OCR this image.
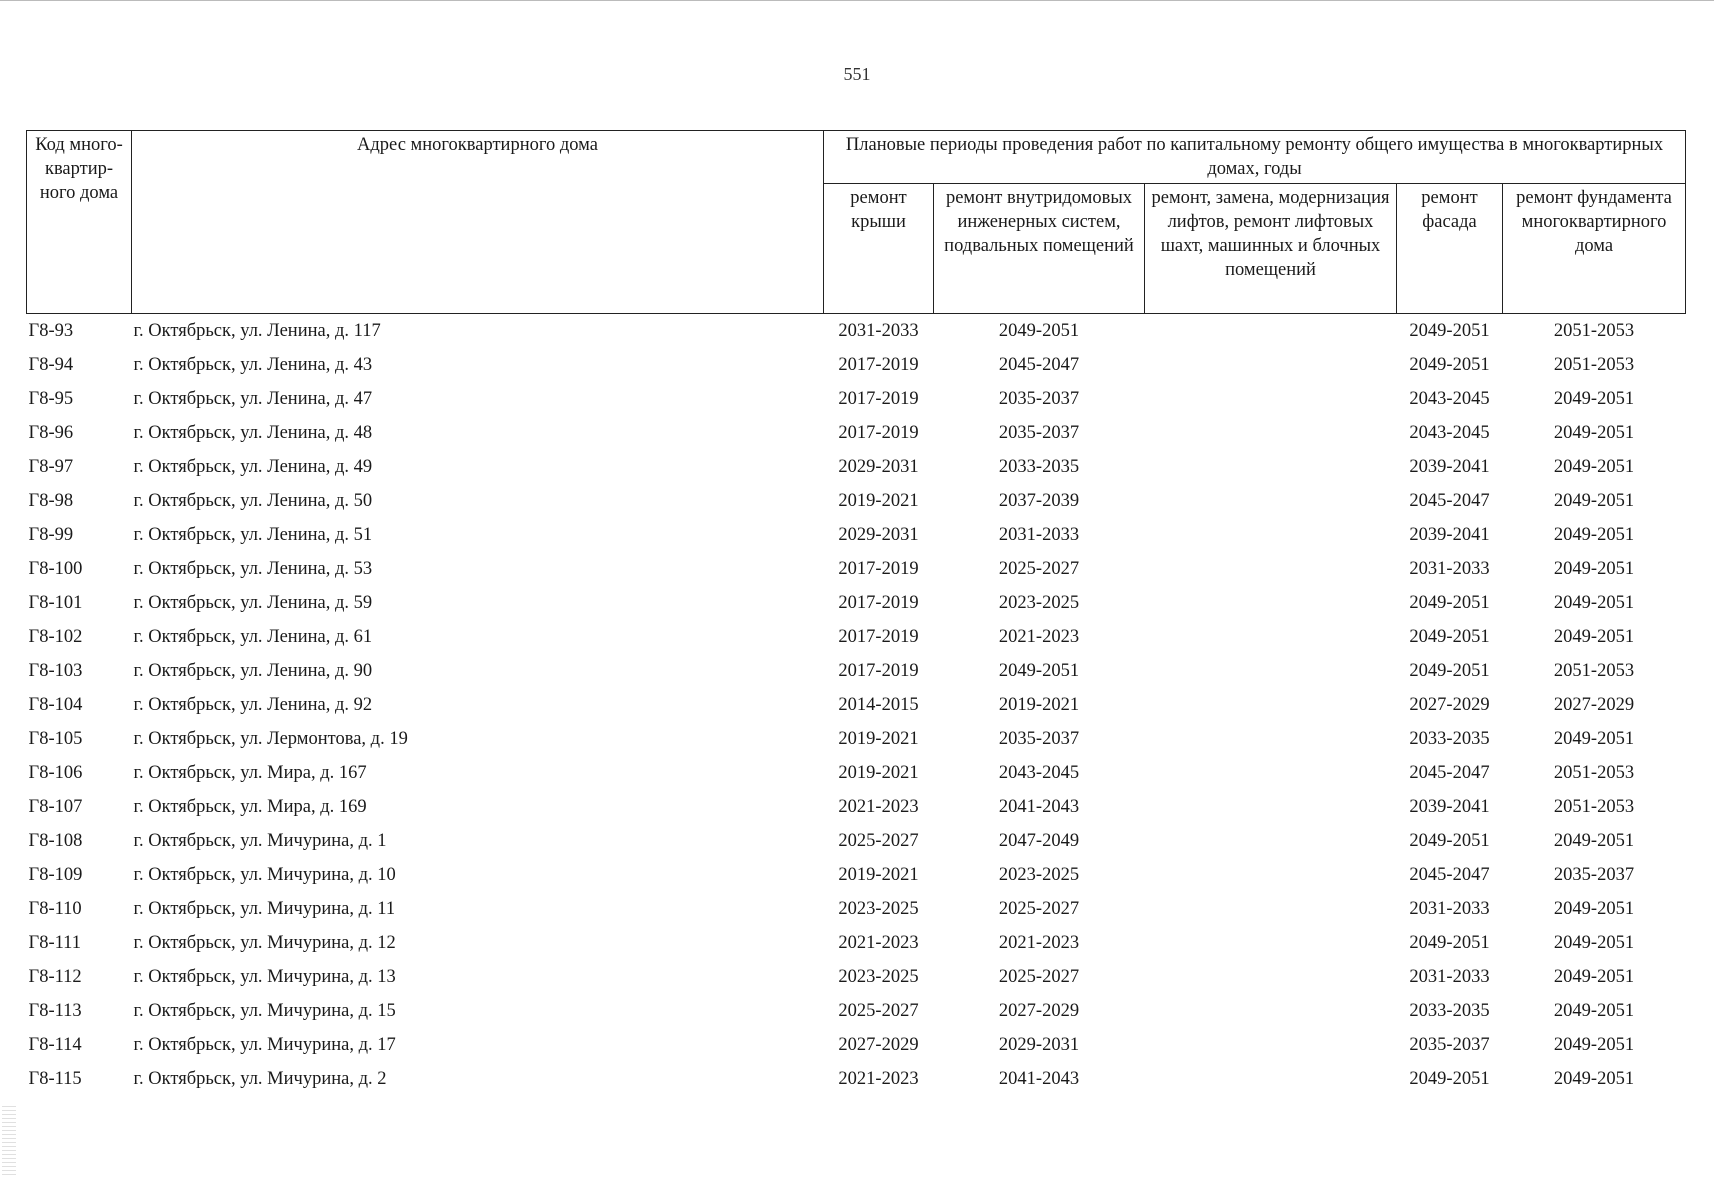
551
Код много-квартир-ного дома	Адрес многоквартирного дома	Плановые периоды проведения работ по капитальному ремонту общего имущества в многоквартирных домах, годы				
		ремонт крыши	ремонт внутридомовых инженерных систем, подвальных помещений	ремонт, замена, модернизация лифтов, ремонт лифтовых шахт, машинных и блочных помещений	ремонт фасада	ремонт фундамента многоквартирного дома
Г8-93	г. Октябрьск, ул. Ленина, д. 117	2031-2033	2049-2051		2049-2051	2051-2053
Г8-94	г. Октябрьск, ул. Ленина, д. 43	2017-2019	2045-2047		2049-2051	2051-2053
Г8-95	г. Октябрьск, ул. Ленина, д. 47	2017-2019	2035-2037		2043-2045	2049-2051
Г8-96	г. Октябрьск, ул. Ленина, д. 48	2017-2019	2035-2037		2043-2045	2049-2051
Г8-97	г. Октябрьск, ул. Ленина, д. 49	2029-2031	2033-2035		2039-2041	2049-2051
Г8-98	г. Октябрьск, ул. Ленина, д. 50	2019-2021	2037-2039		2045-2047	2049-2051
Г8-99	г. Октябрьск, ул. Ленина, д. 51	2029-2031	2031-2033		2039-2041	2049-2051
Г8-100	г. Октябрьск, ул. Ленина, д. 53	2017-2019	2025-2027		2031-2033	2049-2051
Г8-101	г. Октябрьск, ул. Ленина, д. 59	2017-2019	2023-2025		2049-2051	2049-2051
Г8-102	г. Октябрьск, ул. Ленина, д. 61	2017-2019	2021-2023		2049-2051	2049-2051
Г8-103	г. Октябрьск, ул. Ленина, д. 90	2017-2019	2049-2051		2049-2051	2051-2053
Г8-104	г. Октябрьск, ул. Ленина, д. 92	2014-2015	2019-2021		2027-2029	2027-2029
Г8-105	г. Октябрьск, ул. Лермонтова, д. 19	2019-2021	2035-2037		2033-2035	2049-2051
Г8-106	г. Октябрьск, ул. Мира, д. 167	2019-2021	2043-2045		2045-2047	2051-2053
Г8-107	г. Октябрьск, ул. Мира, д. 169	2021-2023	2041-2043		2039-2041	2051-2053
Г8-108	г. Октябрьск, ул. Мичурина, д. 1	2025-2027	2047-2049		2049-2051	2049-2051
Г8-109	г. Октябрьск, ул. Мичурина, д. 10	2019-2021	2023-2025		2045-2047	2035-2037
Г8-110	г. Октябрьск, ул. Мичурина, д. 11	2023-2025	2025-2027		2031-2033	2049-2051
Г8-111	г. Октябрьск, ул. Мичурина, д. 12	2021-2023	2021-2023		2049-2051	2049-2051
Г8-112	г. Октябрьск, ул. Мичурина, д. 13	2023-2025	2025-2027		2031-2033	2049-2051
Г8-113	г. Октябрьск, ул. Мичурина, д. 15	2025-2027	2027-2029		2033-2035	2049-2051
Г8-114	г. Октябрьск, ул. Мичурина, д. 17	2027-2029	2029-2031		2035-2037	2049-2051
Г8-115	г. Октябрьск, ул. Мичурина, д. 2	2021-2023	2041-2043		2049-2051	2049-2051
